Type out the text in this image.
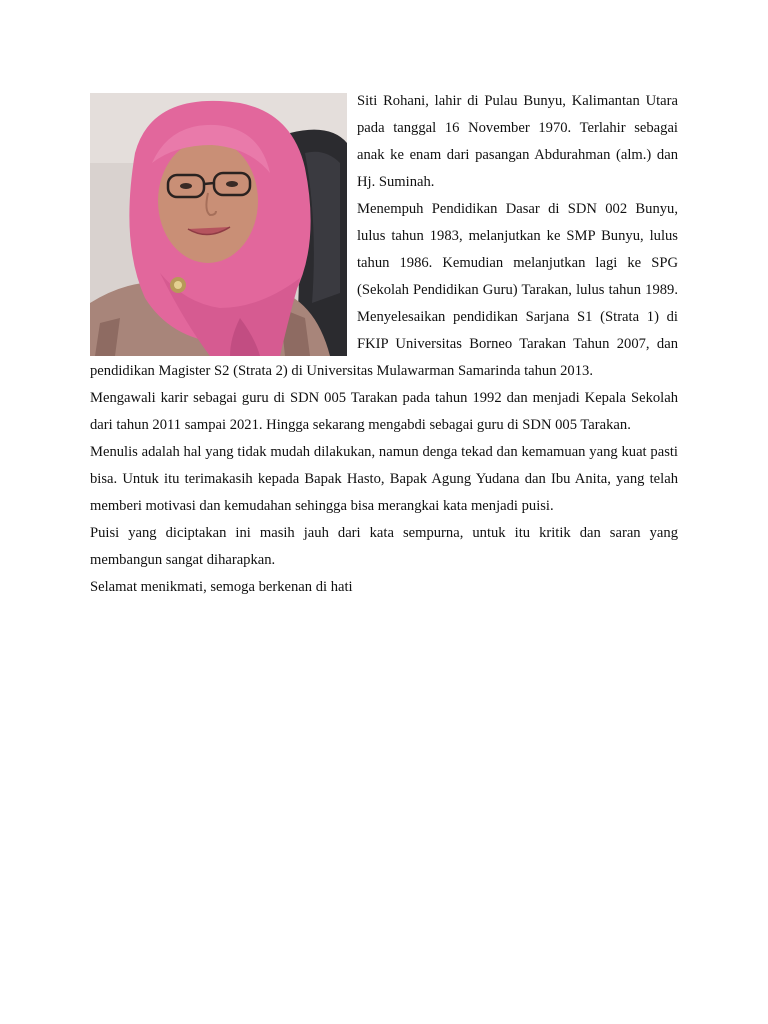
Siti Rohani, lahir di Pulau Bunyu, Kalimantan Utara pada tanggal 16 November 1970. Terlahir sebagai anak ke enam dari pasangan Abdurahman (alm.) dan Hj. Suminah.

Menempuh Pendidikan Dasar di SDN 002 Bunyu, lulus tahun 1983, melanjutkan ke SMP Bunyu, lulus tahun 1986. Kemudian melanjutkan lagi ke SPG (Sekolah Pendidikan Guru) Tarakan, lulus tahun 1989. Menyelesaikan pendidikan Sarjana S1 (Strata 1) di FKIP Universitas Borneo Tarakan Tahun 2007, dan pendidikan Magister S2 (Strata 2) di Universitas Mulawarman Samarinda tahun 2013.

Mengawali karir sebagai guru di SDN 005 Tarakan pada tahun 1992 dan menjadi Kepala Sekolah dari tahun 2011 sampai 2021. Hingga sekarang mengabdi sebagai guru di SDN 005 Tarakan.

Menulis adalah hal yang tidak mudah dilakukan, namun denga tekad dan kemamuan yang kuat pasti bisa. Untuk itu terimakasih kepada Bapak Hasto, Bapak Agung Yudana dan Ibu Anita, yang telah memberi motivasi dan kemudahan sehingga bisa merangkai kata menjadi puisi.

Puisi yang diciptakan ini masih jauh dari kata sempurna, untuk itu kritik dan saran yang membangun sangat diharapkan.

Selamat menikmati, semoga berkenan di hati
